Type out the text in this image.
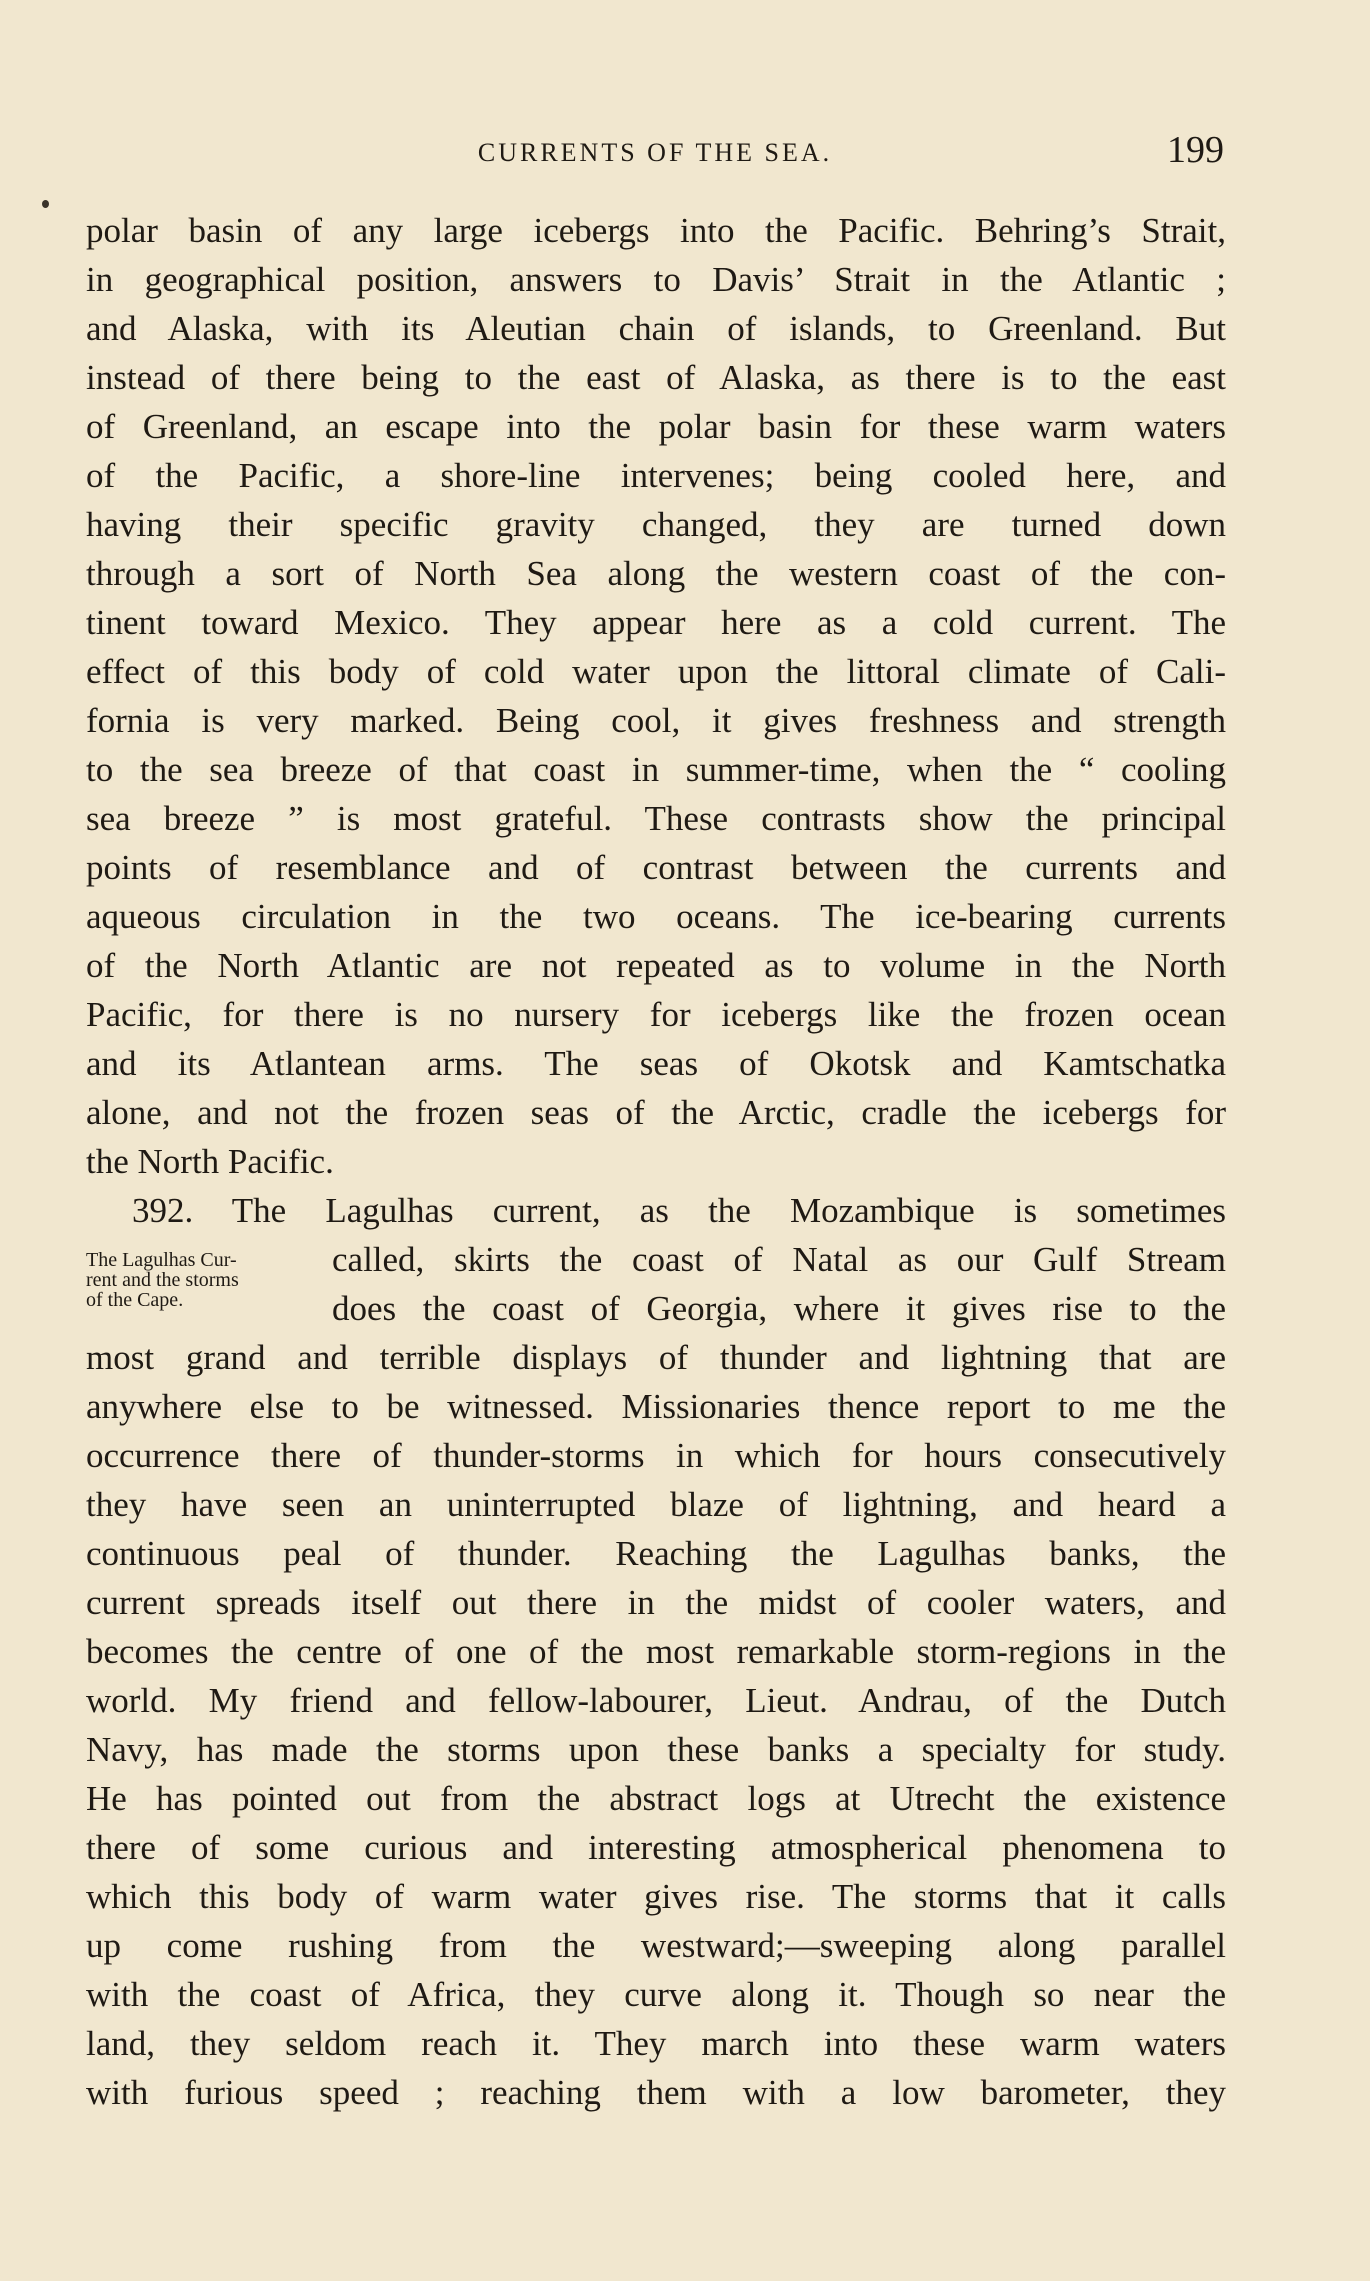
CURRENTS OF THE SEA.	199
The Lagulhas Cur-
rent and the storms
of the Cape.
polar basin of any large icebergs into the Pacific. Behring’s Strait,
in geographical position, answers to Davis’ Strait in the Atlantic ;
and Alaska, with its Aleutian chain of islands, to Greenland. But
instead of there being to the east of Alaska, as there is to the east
of Greenland, an escape into the polar basin for these warm waters
of the Pacific, a shore-line intervenes; being cooled here, and
having their specific gravity changed, they are turned down
through a sort of North Sea along the western coast of the con-
tinent toward Mexico. They appear here as a cold current. The
effect of this body of cold water upon the littoral climate of Cali-
fornia is very marked. Being cool, it gives freshness and strength
to the sea breeze of that coast in summer-time, when the “ cooling
sea breeze ” is most grateful. These contrasts show the principal
points of resemblance and of contrast between the currents and
aqueous circulation in the two oceans. The ice-bearing currents
of the North Atlantic are not repeated as to volume in the North
Pacific, for there is no nursery for icebergs like the frozen ocean
and its Atlantean arms. The seas of Okotsk and Kamtschatka
alone, and not the frozen seas of the Arctic, cradle the icebergs for
the North Pacific.
392. The Lagulhas current, as the Mozambique is sometimes
called, skirts the coast of Natal as our Gulf Stream
does the coast of Georgia, where it gives rise to the
most grand and terrible displays of thunder and lightning that are
anywhere else to be witnessed. Missionaries thence report to me the
occurrence there of thunder-storms in which for hours consecutively
they have seen an uninterrupted blaze of lightning, and heard a
continuous peal of thunder. Reaching the Lagulhas banks, the
current spreads itself out there in the midst of cooler waters, and
becomes the centre of one of the most remarkable storm-regions in the
world. My friend and fellow-labourer, Lieut. Andrau, of the Dutch
Navy, has made the storms upon these banks a specialty for study.
He has pointed out from the abstract logs at Utrecht the existence
there of some curious and interesting atmospherical phenomena to
which this body of warm water gives rise. The storms that it calls
up come rushing from the westward;—sweeping along parallel
with the coast of Africa, they curve along it. Though so near the
land, they seldom reach it. They march into these warm waters
with furious speed ; reaching them with a low barometer, they
